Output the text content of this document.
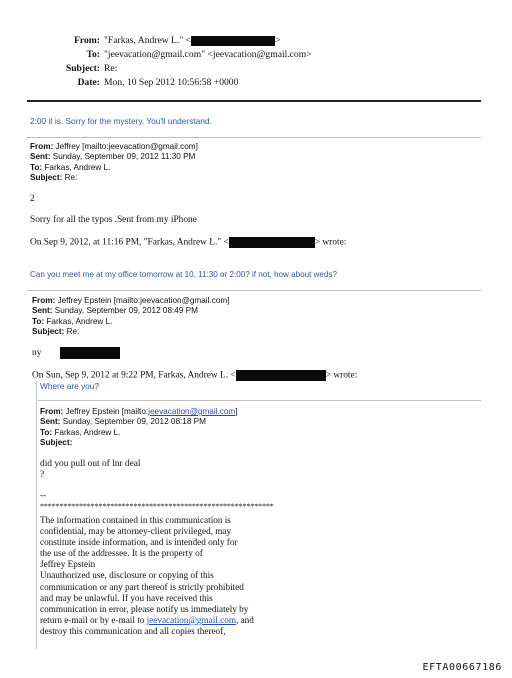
From: "Farkas, Andrew L." <	>
To: "jeevacation@gmail.com" <jeevacation@gmail.com>
Subject: Re:
Date: Mon, 10 Sep 2012 10:56:58 +0000
2:00 it is. Sorry for the mystery. You'll understand.
From: Jeffrey [mailto:jeevacation@gmail.com]
Sent: Sunday, September 09, 2012 11:30 PM
To: Farkas, Andrew L.
Subject: Re:
2
Sorry for all the typos .Sent from my iPhone
On Sep 9, 2012, at 11:16 PM, "Farkas, Andrew L." <	> wrote:
Can you meet me at my office tomorrow at 10, 11:30 or 2:00? if not, how about weds?
From: Jeffrey Epstein [mailto:jeevacation@gmail.com]
Sent: Sunday, September 09, 2012 08:49 PM
To: Farkas, Andrew L.
Subject: Re:
ny
On Sun, Sep 9, 2012 at 9:22 PM, Farkas, Andrew L. <	> wrote:
Where are you?
From: Jeffrey Epstein [mailto:jeevacation@gmail.com]
Sent: Sunday, September 09, 2012 08:18 PM
To: Farkas, Andrew L.
Subject:
did you pull out of lnr deal
?
--
************************************************************
The information contained in this communication is
confidential, may be attorney-client privileged, may
constitute inside information, and is intended only for
the use of the addressee. It is the property of
Jeffrey Epstein
Unauthorized use, disclosure or copying of this
communication or any part thereof is strictly prohibited
and may be unlawful. If you have received this
communication in error, please notify us immediately by
return e-mail or by e-mail to jeevacation@gmail.com, and
destroy this communication and all copies thereof,
EFTA00667186
